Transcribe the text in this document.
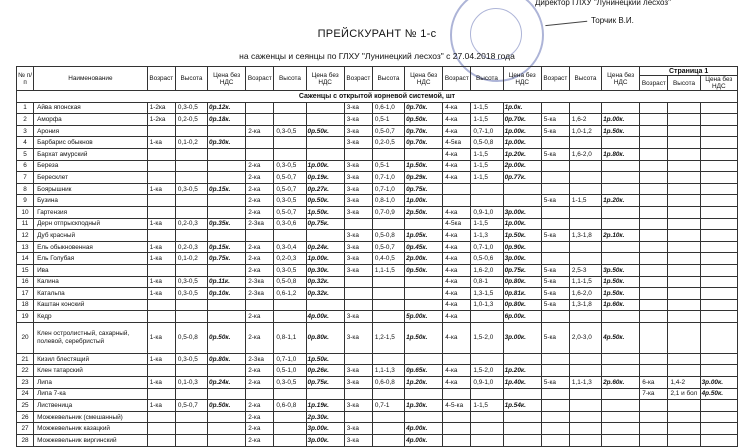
Директор ГЛХУ "Лунинецкий лесхоз"
Торчик В.И.
ПРЕЙСКУРАНТ № 1-с
на саженцы и сеянцы по ГЛХУ "Лунинецкий лесхоз" с 27.04.2018 года
№ п/п	Наименование	Возраст	Высота	Цена без НДС	Возраст	Высота	Цена без НДС	Возраст	Высота	Цена без НДС	Возраст	Высота	Цена без НДС	Возраст	Высота	Цена без НДС	Страница 1		
																	Возраст	Высота	Цена без НДС
Саженцы с открытой корневой системой, шт																			
1	Айва японская	1-2ка	0,3-0,5	0р.12к.				3-ка	0,6-1,0	0р.70к.	4-ка	1-1,5	1р.0к.						
2	Аморфа	1-2ка	0,2-0,5	0р.18к.				3-ка	0,5-1	0р.50к.	4-ка	1-1,5	0р.70к.	5-ка	1,6-2	1р.00к.			
3	Арония				2-ка	0,3-0,5	0р.50к.	3-ка	0,5-0,7	0р.70к.	4-ка	0,7-1,0	1р.00к.	5-ка	1,0-1,2	1р.50к.			
4	Барбарис обыкнов	1-ка	0,1-0,2	0р.30к.				3-ка	0,2-0,5	0р.70к.	4-5ка	0,5-0,8	1р.00к.						
5	Бархат амурский										4-ка	1-1,5	1р.20к.	5-ка	1,6-2,0	1р.80к.			
6	Береза				2-ка	0,3-0,5	1р.00к.	3-ка	0,5-1	1р.50к.	4-ка	1-1,5	2р.00к.						
7	Бересклет				2-ка	0,5-0,7	0р.19к.	3-ка	0,7-1,0	0р.29к.	4-ка	1-1,5	0р.77к.						
8	Боярышник	1-ка	0,3-0,5	0р.15к.	2-ка	0,5-0,7	0р.27к.	3-ка	0,7-1,0	0р.75к.									
9	Бузина				2-ка	0,3-0,5	0р.50к.	3-ка	0,8-1,0	1р.00к.				5-ка	1-1,5	1р.20к.			
10	Гартензия				2-ка	0,5-0,7	1р.50к.	3-ка	0,7-0,9	2р.50к.	4-ка	0,9-1,0	3р.00к.						
11	Дерн отпрыскподный	1-ка	0,2-0,3	0р.35к.	2-3ка	0,3-0,6	0р.75к.				4-5ка	1-1,5	1р.00к.						
12	Дуб красный							3-ка	0,5-0,8	1р.05к.	4-ка	1-1,3	1р.50к.	5-ка	1,3-1,8	2р.10к.			
13	Ель обыкновенная	1-ка	0,2-0,3	0р.15к.	2-ка	0,3-0,4	0р.24к.	3-ка	0,5-0,7	0р.45к.	4-ка	0,7-1,0	0р.90к.						
14	Ель Голубая	1-ка	0,1-0,2	0р.75к.	2-ка	0,2-0,3	1р.00к.	3-ка	0,4-0,5	2р.00к.	4-ка	0,5-0,6	3р.00к.						
15	Ива				2-ка	0,3-0,5	0р.30к.	3-ка	1,1-1,5	0р.50к.	4-ка	1,6-2,0	0р.75к.	5-ка	2,5-3	3р.50к.			
16	Калина	1-ка	0,3-0,5	0р.11к.	2-3ка	0,5-0,8	0р.32к.				4-ка	0,8-1	0р.80к.	5-ка	1,1-1,5	1р.50к.			
17	Катальпа	1-ка	0,3-0,5	0р.10к.	2-3ка	0,6-1,2	0р.32к.				4-ка	1,3-1,5	0р.81к.	5-ка	1,6-2,0	1р.50к.			
18	Каштан конский										4-ка	1,0-1,3	0р.80к.	5-ка	1,3-1,8	1р.60к.			
19	Кедр				2-ка		4р.00к.	3-ка		5р.00к.	4-ка		6р.00к.						
20	Клен остролистный, сахарный, полевой, серебристый	1-ка	0,5-0,8	0р.50к.	2-ка	0,8-1,1	0р.80к.	3-ка	1,2-1,5	1р.50к.	4-ка	1,5-2,0	3р.00к.	5-ка	2,0-3,0	4р.50к.			
21	Кизил блестящий	1-ка	0,3-0,5	0р.80к.	2-3ка	0,7-1,0	1р.50к.												
22	Клен татарский				2-ка	0,5-1,0	0р.26к.	3-ка	1,1-1,3	0р.65к.	4-ка	1,5-2,0	1р.20к.						
23	Липа	1-ка	0,1-0,3	0р.24к.	2-ка	0,3-0,5	0р.75к.	3-ка	0,6-0,8	1р.20к.	4-ка	0,9-1,0	1р.40к.	5-ка	1,1-1,3	2р.60к.	6-ка	1,4-2	3р.00к.
24	Липа 7-ка																7-ка	2,1 и бол	4р.50к.
25	Лиственица	1-ка	0,5-0,7	0р.50к.	2-ка	0,6-0,8	1р.19к.	3-ка	0,7-1	1р.30к.	4-5-ка	1-1,5	1р.54к.						
26	Можжевельник (смешанный)				2-ка		2р.30к.												
27	Можжевельник казацкий				2-ка		3р.00к.	3-ка		4р.00к.									
28	Можжевельник виргинский				2-ка		3р.00к.	3-ка		4р.00к.									
